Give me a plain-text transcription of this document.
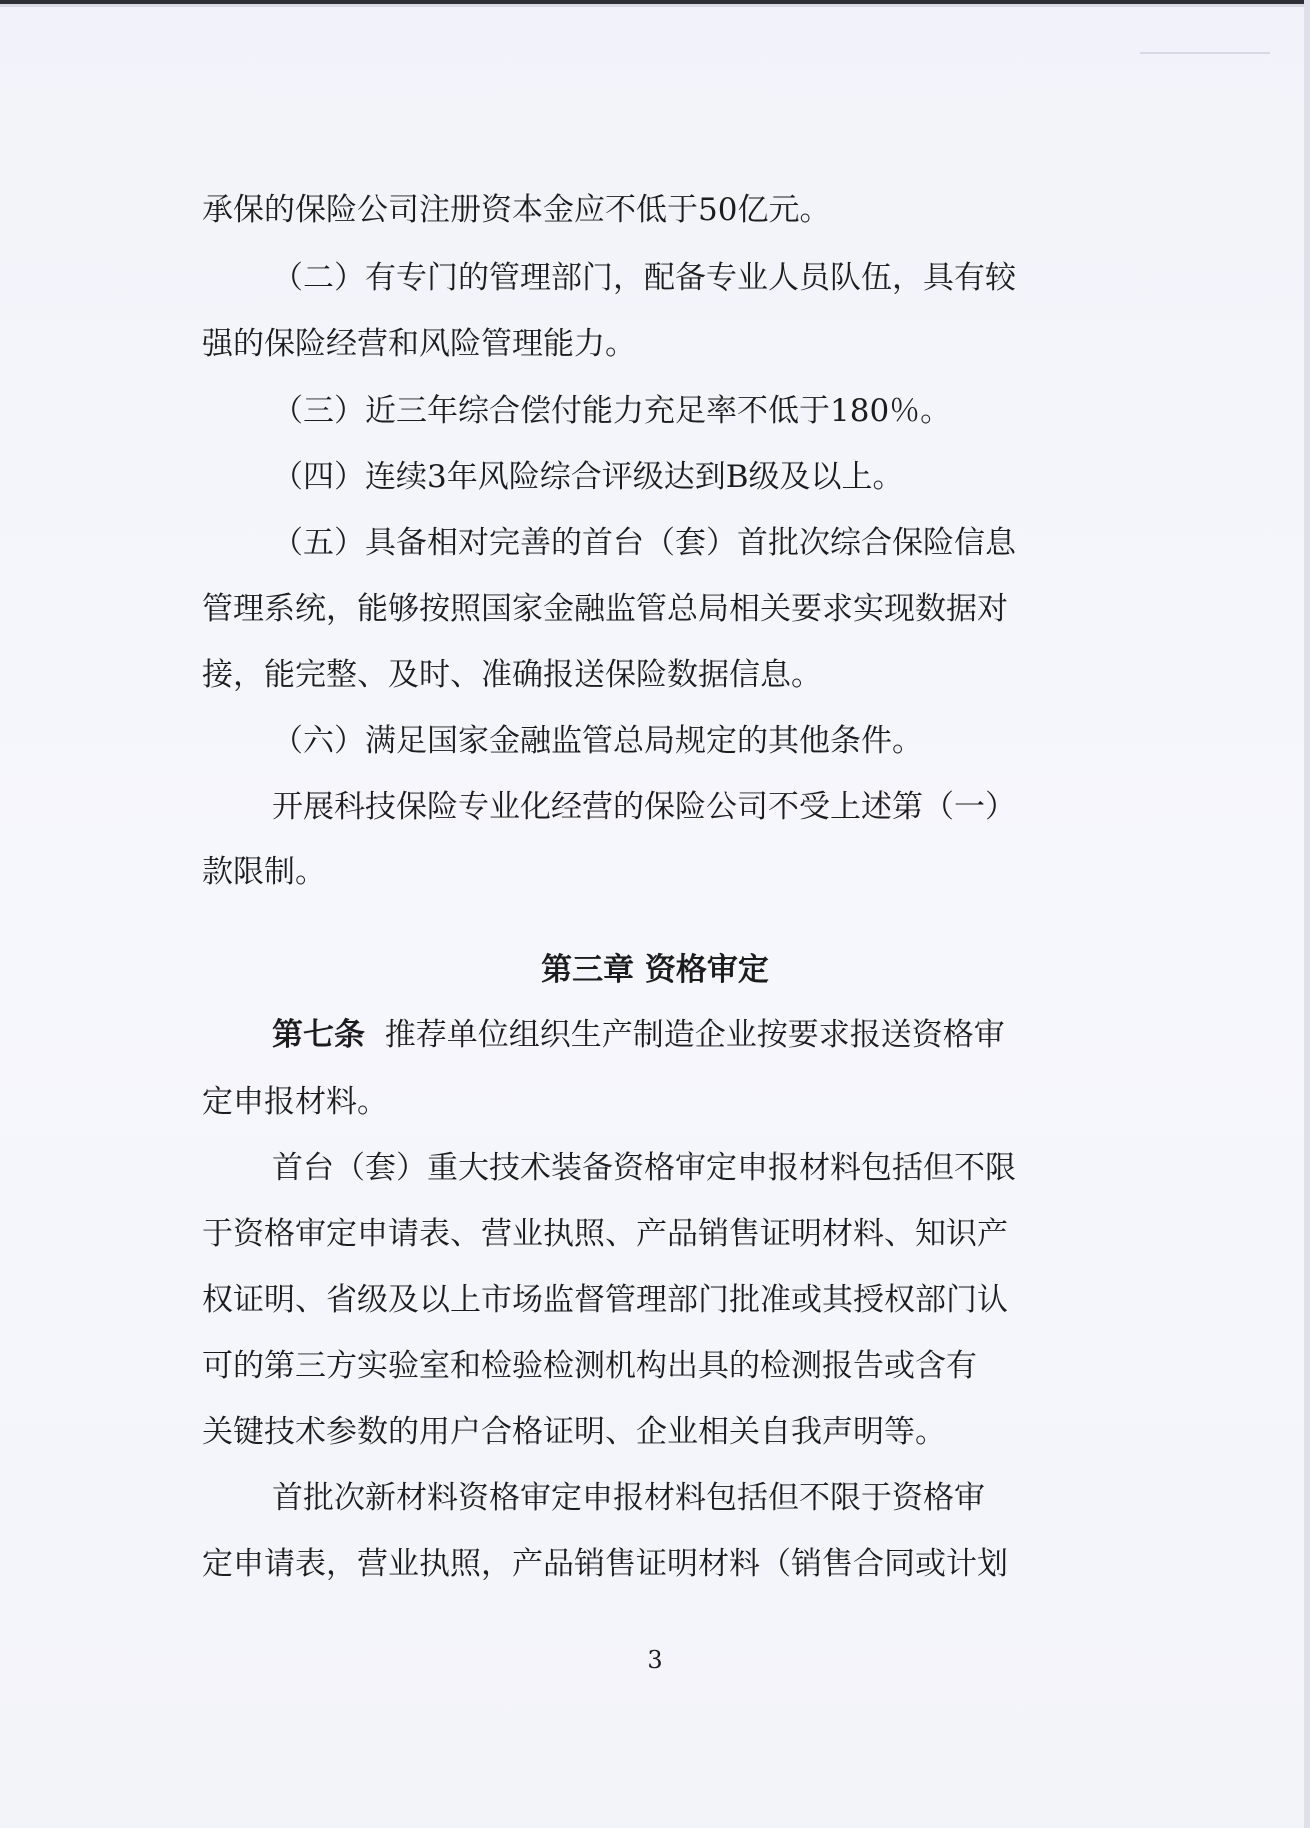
承保的保险公司注册资本金应不低于50亿元。
（二）有专门的管理部门，配备专业人员队伍，具有较
强的保险经营和风险管理能力。
（三）近三年综合偿付能力充足率不低于180％。
（四）连续3年风险综合评级达到B级及以上。
（五）具备相对完善的首台（套）首批次综合保险信息
管理系统，能够按照国家金融监管总局相关要求实现数据对
接，能完整、及时、准确报送保险数据信息。
（六）满足国家金融监管总局规定的其他条件。
开展科技保险专业化经营的保险公司不受上述第（一）
款限制。
第三章 资格审定
第七条 推荐单位组织生产制造企业按要求报送资格审
定申报材料。
首台（套）重大技术装备资格审定申报材料包括但不限
于资格审定申请表、营业执照、产品销售证明材料、知识产
权证明、省级及以上市场监督管理部门批准或其授权部门认
可的第三方实验室和检验检测机构出具的检测报告或含有
关键技术参数的用户合格证明、企业相关自我声明等。
首批次新材料资格审定申报材料包括但不限于资格审
定申请表，营业执照，产品销售证明材料（销售合同或计划
3
